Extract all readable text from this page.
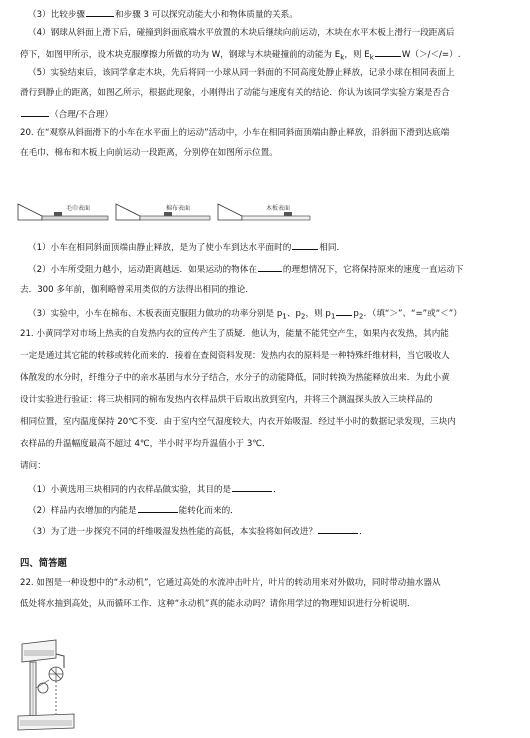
（3）比较步骤	和步骤 3 可以探究动能大小和物体质量的关系。
（4）钢球从斜面上滑下后，碰撞到斜面底端水平放置的木块后继续向前运动，木块在水平木板上滑行一段距离后
停下，如图甲所示，设木块克服摩擦力所做的功为 W，钢球与木块碰撞前的动能为 $E_k$，则 $E_k$	W（＞/＜/=）.
（5）实验结束后，该同学拿走木块，先后将同一小球从同一斜面的不同高度处静止释放，记录小球在相同表面上
滑行到静止的距离，如图乙所示，根据此现象，小刚得出了动能与速度有关的结论．你认为该同学实验方案是否合
（合理/不合理）
20. 在“观察从斜面滑下的小车在水平面上的运动”活动中，小车在相同斜面顶端由静止释放，沿斜面下滑到达底端
在毛巾、棉布和木板上向前运动一段距离，分别停在如图所示位置。
毛巾表面	棉布表面	木板表面
（1）小车在相同斜面顶端由静止释放，是为了使小车到达水平面时的	相同．
（2）小车所受阻力越小，运动距离越远．如果运动的物体在	的理想情况下，它将保持原来的速度一直运动下
去．300 多年前，伽利略曾采用类似的方法得出相同的推论．
（3）实验中，小车在棉布、木板表面克服阻力做功的功率分别是 $p_1$、$p_2$，则 $p_1$ $p_2$．（填“＞”、“=”或“＜”）
21. 小黄同学对市场上热卖的自发热内衣的宣传产生了质疑．他认为，能量不能凭空产生，如果内衣发热，其内能
一定是通过其它能的转移或转化而来的．接着在查阅资料发现：发热内衣的原料是一种特殊纤维材料，当它吸收人
体散发的水分时，纤维分子中的亲水基团与水分子结合，水分子的动能降低，同时转换为热能释放出来．为此小黄
设计实验进行验证：将三块相同的棉布发热内衣样品烘干后取出放到室内，并将三个测温探头放入三块样品的
相同位置，室内温度保持 20℃不变．由于室内空气湿度较大，内衣开始吸湿．经过半小时的数据记录发现，三块内
衣样品的升温幅度最高不超过 4℃，半小时平均升温值小于 3℃．
请问：
（1）小黄选用三块相同的内衣样品做实验，其目的是	．
（2）样品内衣增加的内能是	能转化而来的．
（3）为了进一步探究不同的纤维吸湿发热性能的高低，本实验将如何改进？	．
四、简答题
22. 如图是一种设想中的“永动机”，它通过高处的水流冲击叶片，叶片的转动用来对外做功，同时带动抽水器从
低处将水抽到高处，从而循环工作．这种“永动机”真的能永动吗？请你用学过的物理知识进行分析说明．
